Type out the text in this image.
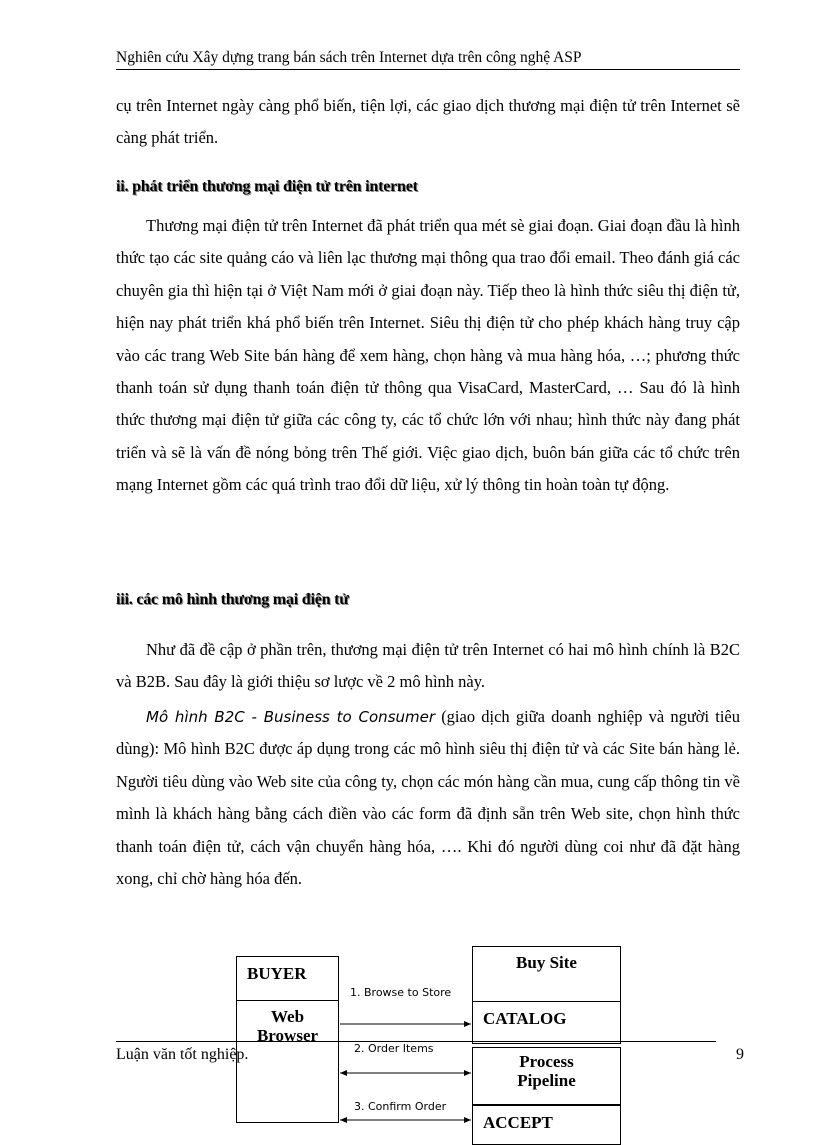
Nghiên cứu Xây dựng trang bán sách trên Internet dựa trên công nghệ ASP
cụ trên Internet ngày càng phổ biến, tiện lợi, các giao dịch thương mại điện tử trên Internet sẽ càng phát triển.
ii. phát triển thương mại điện tử trên internet
Thương mại điện tử trên Internet đã phát triển qua mét sè giai đoạn. Giai đoạn đầu là hình thức tạo các site quảng cáo và liên lạc thương mại thông qua trao đổi email. Theo đánh giá các chuyên gia thì hiện tại ở Việt Nam mới ở giai đoạn này. Tiếp theo là hình thức siêu thị điện tử, hiện nay phát triển khá phổ biến trên Internet. Siêu thị điện tử cho phép khách hàng truy cập vào các trang Web Site bán hàng để xem hàng, chọn hàng và mua hàng hóa, …; phương thức thanh toán sử dụng thanh toán điện tử thông qua VisaCard, MasterCard, … Sau đó là hình thức thương mại điện tử giữa các công ty, các tổ chức lớn với nhau; hình thức này đang phát triển và sẽ là vấn đề nóng bỏng trên Thế giới. Việc giao dịch, buôn bán giữa các tổ chức trên mạng Internet gồm các quá trình trao đổi dữ liệu, xử lý thông tin hoàn toàn tự động.
iii. các mô hình thương mại điện tử
Như đã đề cập ở phần trên, thương mại điện tử trên Internet có hai mô hình chính là B2C và B2B. Sau đây là giới thiệu sơ lược về 2 mô hình này.
Mô hình B2C - Business to Consumer (giao dịch giữa doanh nghiệp và người tiêu dùng): Mô hình B2C được áp dụng trong các mô hình siêu thị điện tử và các Site bán hàng lẻ. Người tiêu dùng vào Web site của công ty, chọn các món hàng cần mua, cung cấp thông tin về mình là khách hàng bằng cách điền vào các form đã định sẵn trên Web site, chọn hình thức thanh toán điện tử, cách vận chuyển hàng hóa, …. Khi đó người dùng coi như đã đặt hàng xong, chỉ chờ hàng hóa đến.
BUYER
Web Browser
Buy Site
CATALOG
Process Pipeline
ACCEPT
1. Browse to Store
2. Order Items
3. Confirm Order
Luận văn tốt nghiệp.	9
